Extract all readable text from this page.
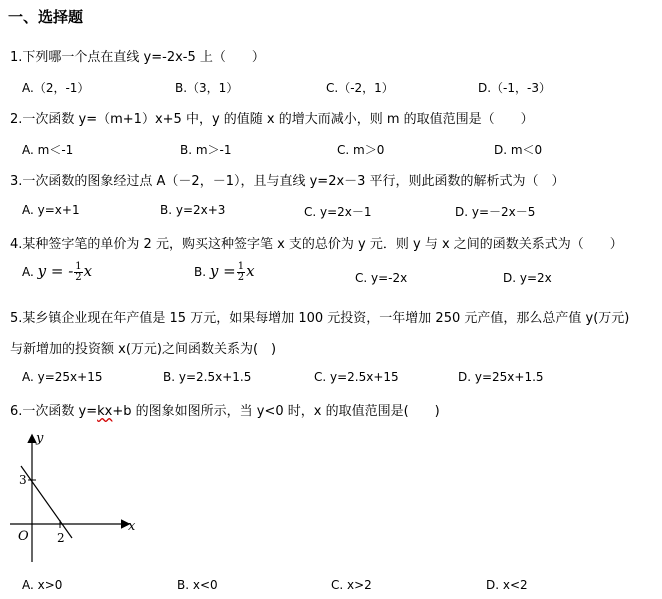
一、选择题
1.下列哪一个点在直线 y=-2x-5 上（　　）
A.（2，-1）	B.（3，1）	C.（-2，1）	D.（-1，-3）
2.一次函数 y=（m+1）x+5 中，y 的值随 x 的增大而减小，则 m 的取值范围是（　　）
A. m＜-1	B. m＞-1	C. m＞0	D. m＜0
3.一次函数的图象经过点 A（－2，－1），且与直线 y=2x－3 平行，则此函数的解析式为（　）
A. y=x+1	B. y=2x+3	C. y=2x－1	D. y=－2x－5
4.某种签字笔的单价为 2 元，购买这种签字笔 x 支的总价为 y 元．则 y 与 x 之间的函数关系式为（　　）
A. y = - $\frac{1}{2}$ x	B. $y = \frac{1}{2}$ x	C. y=-2x	D. y=2x
5.某乡镇企业现在年产值是 15 万元，如果每增加 100 元投资，一年增加 250 元产值，那么总产值 y(万元)
与新增加的投资额 x(万元)之间函数关系为(　)
A. y=25x+15	B. y=2.5x+1.5	C. y=2.5x+15	D. y=25x+1.5
6.一次函数 y=kx+b 的图象如图所示，当 y<0 时，x 的取值范围是(　　)
y
x
O
3
2
A. x>0	B. x<0	C. x>2	D. x<2
